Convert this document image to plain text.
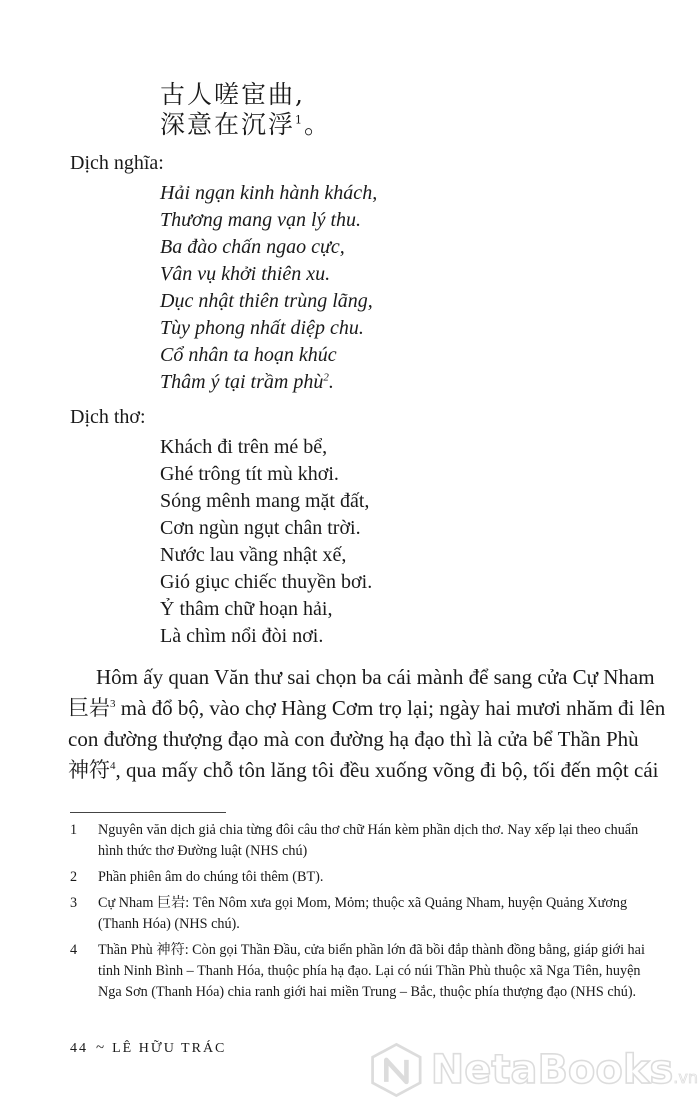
古人嗟宦曲,
深意在沉浮$^1$。
Dịch nghĩa:
Hải ngạn kinh hành khách,
Thương mang vạn lý thu.
Ba đào chấn ngao cực,
Vân vụ khởi thiên xu.
Dục nhật thiên trùng lãng,
Tùy phong nhất diệp chu.
Cổ nhân ta hoạn khúc
Thâm ý tại trầm phù$^2$.
Dịch thơ:
Khách đi trên mé bể,
Ghé trông tít mù khơi.
Sóng mênh mang mặt đất,
Cơn ngùn ngụt chân trời.
Nước lau vầng nhật xế,
Gió giục chiếc thuyền bơi.
Ỷ thâm chữ hoạn hải,
Là chìm nổi đòi nơi.
Hôm ấy quan Văn thư sai chọn ba cái mành để sang cửa Cự Nham
巨岩$^3$ mà đổ bộ, vào chợ Hàng Cơm trọ lại; ngày hai mươi nhăm đi lên
con đường thượng đạo mà con đường hạ đạo thì là cửa bể Thần Phù
神符$^4$, qua mấy chỗ tôn lăng tôi đều xuống võng đi bộ, tối đến một cái
1 Nguyên văn dịch giả chia từng đôi câu thơ chữ Hán kèm phần dịch thơ. Nay xếp lại theo chuẩn hình thức thơ Đường luật (NHS chú)
2 Phần phiên âm do chúng tôi thêm (BT).
3 Cự Nham 巨岩: Tên Nôm xưa gọi Mom, Mỏm; thuộc xã Quảng Nham, huyện Quảng Xương (Thanh Hóa) (NHS chú).
4 Thần Phù 神符: Còn gọi Thần Đầu, cửa biển phần lớn đã bồi đắp thành đồng bằng, giáp giới hai tỉnh Ninh Bình – Thanh Hóa, thuộc phía hạ đạo. Lại có núi Thần Phù thuộc xã Nga Tiên, huyện Nga Sơn (Thanh Hóa) chia ranh giới hai miền Trung – Bắc, thuộc phía thượng đạo (NHS chú).
44 ~ LÊ HỮU TRÁC	NetaBooks.vn
